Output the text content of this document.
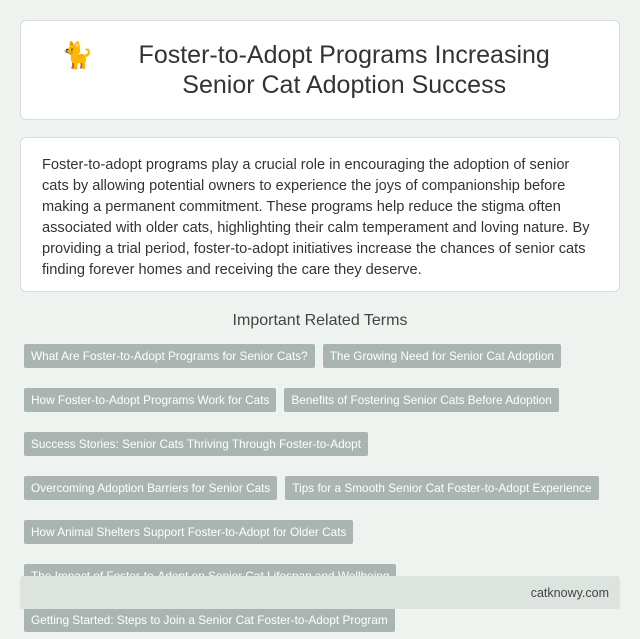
🐈	Foster-to-Adopt Programs Increasing Senior Cat Adoption Success

Foster-to-adopt programs play a crucial role in encouraging the adoption of senior cats by allowing potential owners to experience the joys of companionship before making a permanent commitment. These programs help reduce the stigma often associated with older cats, highlighting their calm temperament and loving nature. By providing a trial period, foster-to-adopt initiatives increase the chances of senior cats finding forever homes and receiving the care they deserve.

Important Related Terms
What Are Foster-to-Adopt Programs for Senior Cats?	The Growing Need for Senior Cat Adoption
How Foster-to-Adopt Programs Work for Cats	Benefits of Fostering Senior Cats Before Adoption
Success Stories: Senior Cats Thriving Through Foster-to-Adopt
Overcoming Adoption Barriers for Senior Cats	Tips for a Smooth Senior Cat Foster-to-Adopt Experience
How Animal Shelters Support Foster-to-Adopt for Older Cats
Getting Started: Steps to Join a Senior Cat Foster-to-Adopt Program
catknowy.com
